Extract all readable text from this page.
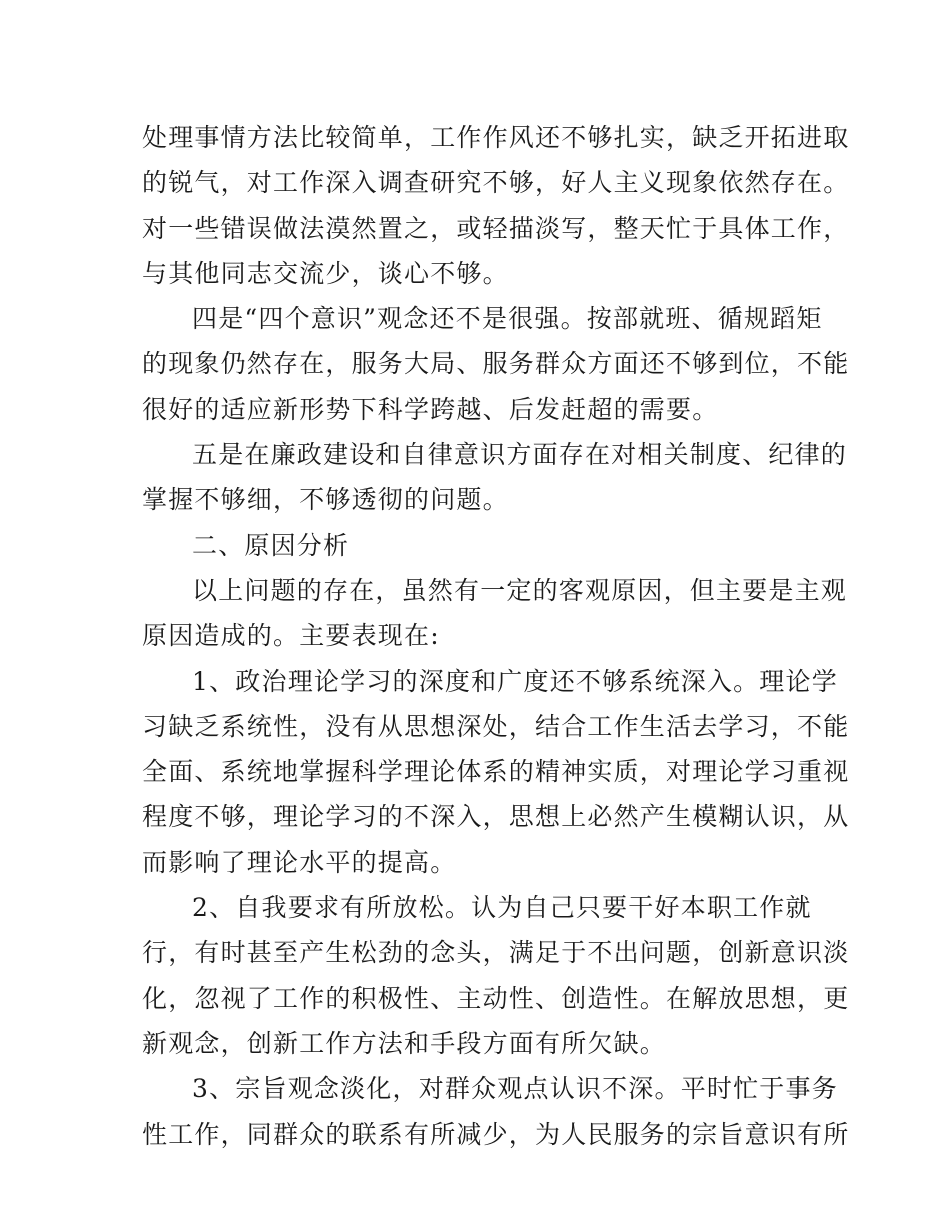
处理事情方法比较简单，工作作风还不够扎实，缺乏开拓进取
的锐气，对工作深入调查研究不够，好人主义现象依然存在。
对一些错误做法漠然置之，或轻描淡写，整天忙于具体工作，
与其他同志交流少，谈心不够。
四是“四个意识”观念还不是很强。按部就班、循规蹈矩
的现象仍然存在，服务大局、服务群众方面还不够到位，不能
很好的适应新形势下科学跨越、后发赶超的需要。
五是在廉政建设和自律意识方面存在对相关制度、纪律的
掌握不够细，不够透彻的问题。
二、原因分析
以上问题的存在，虽然有一定的客观原因，但主要是主观
原因造成的。主要表现在:
1、政治理论学习的深度和广度还不够系统深入。理论学
习缺乏系统性，没有从思想深处，结合工作生活去学习，不能
全面、系统地掌握科学理论体系的精神实质，对理论学习重视
程度不够，理论学习的不深入，思想上必然产生模糊认识，从
而影响了理论水平的提高。
2、自我要求有所放松。认为自己只要干好本职工作就
行，有时甚至产生松劲的念头，满足于不出问题，创新意识淡
化，忽视了工作的积极性、主动性、创造性。在解放思想，更
新观念，创新工作方法和手段方面有所欠缺。
3、宗旨观念淡化，对群众观点认识不深。平时忙于事务
性工作，同群众的联系有所减少，为人民服务的宗旨意识有所
